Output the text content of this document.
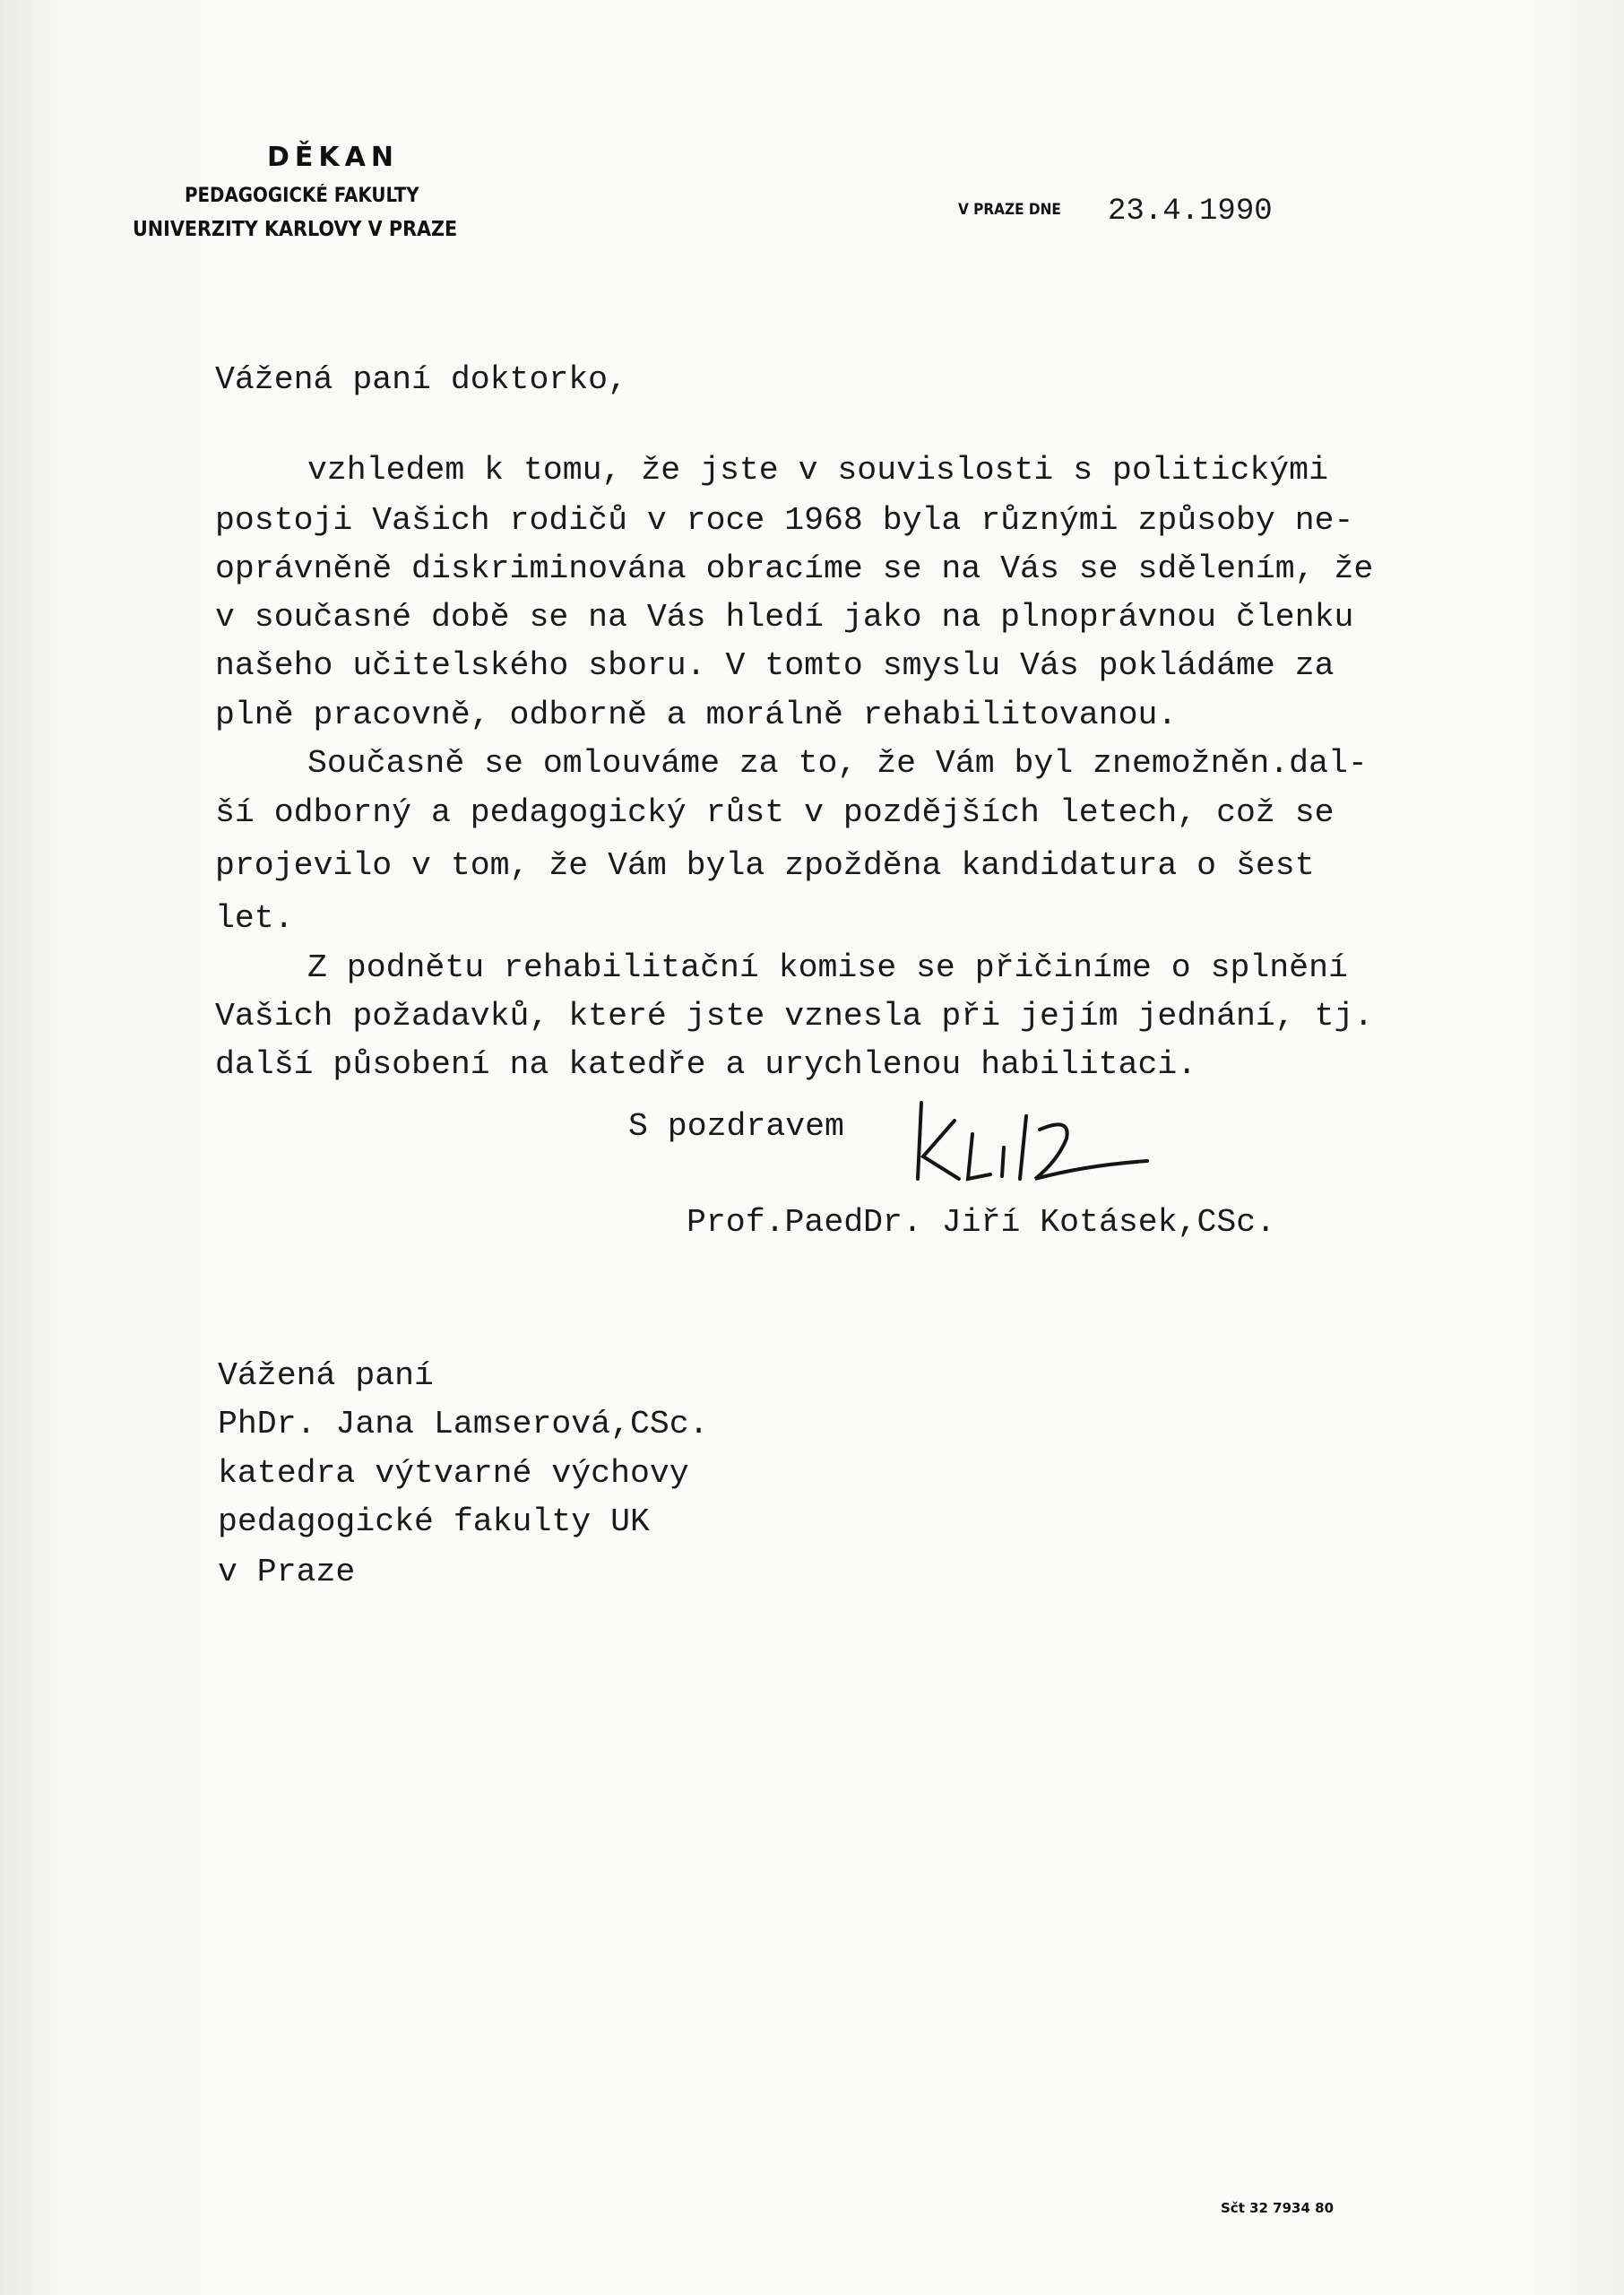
DĚKAN
PEDAGOGICKÉ FAKULTY
UNIVERZITY KARLOVY V PRAZE
V PRAZE DNE 23.4.1990
Vážená paní doktorko,
vzhledem k tomu, že jste v souvislosti s politickými
postoji Vašich rodičů v roce 1968 byla různými způsoby ne-
oprávněně diskriminována obracíme se na Vás se sdělením, že
v současné době se na Vás hledí jako na plnoprávnou členku
našeho učitelského sboru. V tomto smyslu Vás pokládáme za
plně pracovně, odborně a morálně rehabilitovanou.
Současně se omlouváme za to, že Vám byl znemožněn.dal-
ší odborný a pedagogický růst v pozdějších letech, což se
projevilo v tom, že Vám byla zpožděna kandidatura o šest
let.
Z podnětu rehabilitační komise se přičiníme o splnění
Vašich požadavků, které jste vznesla při jejím jednání, tj.
další působení na katedře a urychlenou habilitaci.
S pozdravem
Prof.PaedDr. Jiří Kotásek,CSc.
Vážená paní
PhDr. Jana Lamserová,CSc.
katedra výtvarné výchovy
pedagogické fakulty UK
v Praze
Sčt 32 7934 80
